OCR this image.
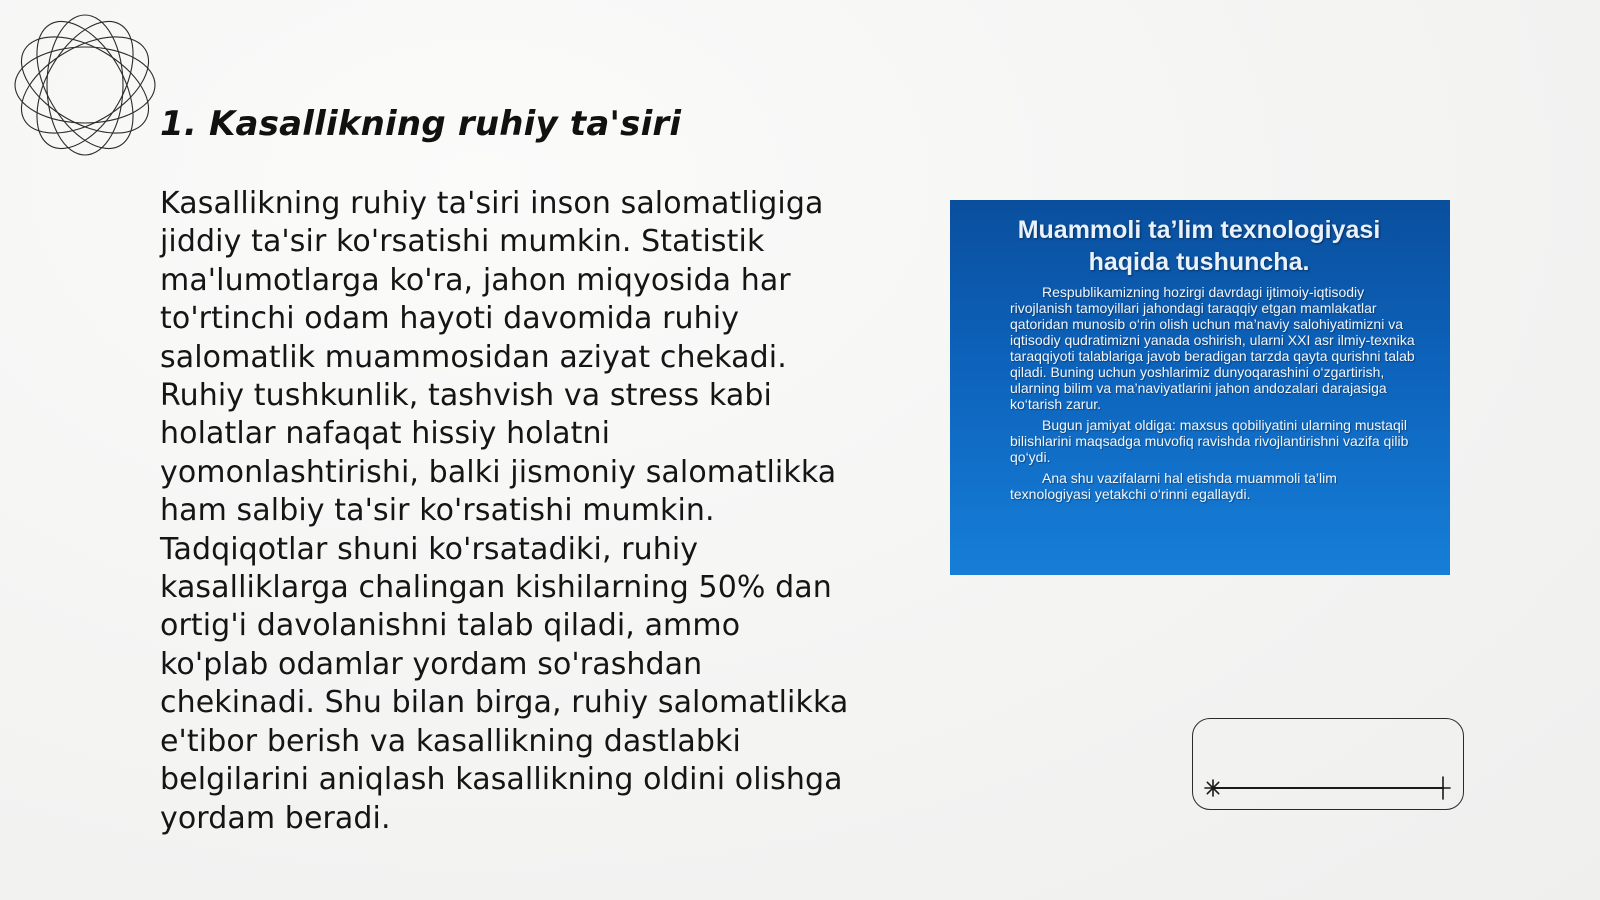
1. Kasallikning ruhiy ta'siri

Kasallikning ruhiy ta'siri inson salomatligiga jiddiy ta'sir ko'rsatishi mumkin. Statistik ma'lumotlarga ko'ra, jahon miqyosida har to'rtinchi odam hayoti davomida ruhiy salomatlik muammosidan aziyat chekadi. Ruhiy tushkunlik, tashvish va stress kabi holatlar nafaqat hissiy holatni yomonlashtirishi, balki jismoniy salomatlikka ham salbiy ta'sir ko'rsatishi mumkin. Tadqiqotlar shuni ko'rsatadiki, ruhiy kasalliklarga chalingan kishilarning 50% dan ortig'i davolanishni talab qiladi, ammo ko'plab odamlar yordam so'rashdan chekinadi. Shu bilan birga, ruhiy salomatlikka e'tibor berish va kasallikning dastlabki belgilarini aniqlash kasallikning oldini olishga yordam beradi.

Muammoli ta’lim texnologiyasi haqida tushuncha.

Respublikamizning hozirgi davrdagi ijtimoiy-iqtisodiy rivojlanish tamoyillari jahondagi taraqqiy etgan mamlakatlar qatoridan munosib o‘rin olish uchun ma’naviy salohiyatimizni va iqtisodiy qudratimizni yanada oshirish, ularni XXI asr ilmiy-texnika taraqqiyoti talablariga javob beradigan tarzda qayta qurishni talab qiladi. Buning uchun yoshlarimiz dunyoqarashini o‘zgartirish, ularning bilim va ma’naviyatlarini jahon andozalari darajasiga ko‘tarish zarur.

Bugun jamiyat oldiga: maxsus qobiliyatini ularning mustaqil bilishlarini maqsadga muvofiq ravishda rivojlantirishni vazifa qilib qo‘ydi.

Ana shu vazifalarni hal etishda muammoli ta’lim texnologiyasi yetakchi o‘rinni egallaydi.
